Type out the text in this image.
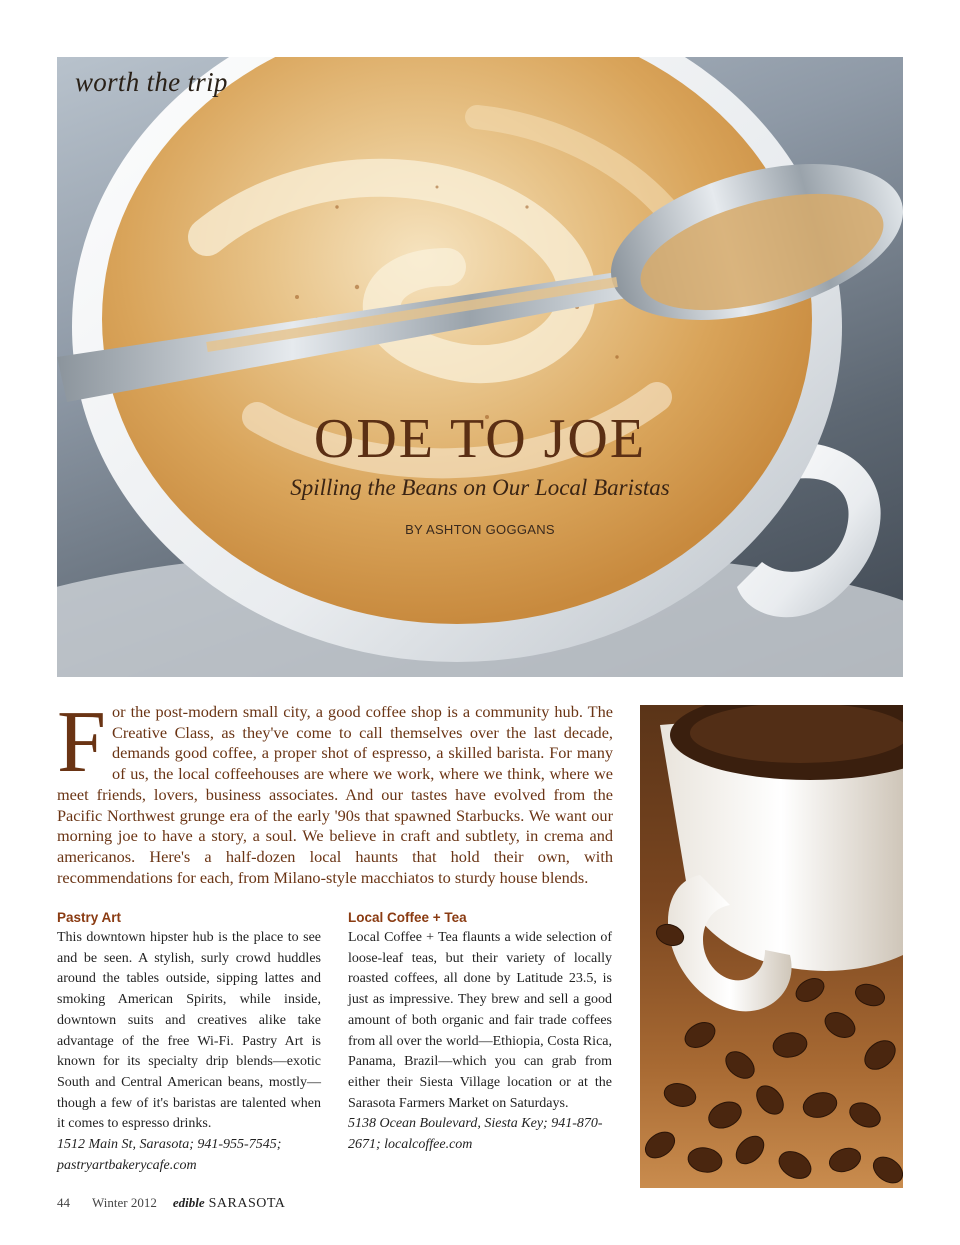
worth the trip
ODE TO JOE
Spilling the Beans on Our Local Baristas
BY ASHTON GOGGANS
F or the post-modern small city, a good coffee shop is a community hub. The Creative Class, as they've come to call themselves over the last decade, demands good coffee, a proper shot of espresso, a skilled barista. For many of us, the local coffeehouses are where we work, where we think, where we meet friends, lovers, business associates. And our tastes have evolved from the Pacific Northwest grunge era of the early '90s that spawned Starbucks. We want our morning joe to have a story, a soul. We believe in craft and subtlety, in crema and americanos. Here's a half-dozen local haunts that hold their own, with recommendations for each, from Milano-style macchiatos to sturdy house blends.
Pastry Art

This downtown hipster hub is the place to see and be seen. A stylish, surly crowd huddles around the tables outside, sipping lattes and smoking American Spirits, while inside, downtown suits and creatives alike take advantage of the free Wi-Fi. Pastry Art is known for its specialty drip blends—exotic South and Central American beans, mostly—though a few of it's baristas are talented when it comes to espresso drinks.

1512 Main St, Sarasota; 941-955-7545; pastryartbakerycafe.com

Local Coffee + Tea

Local Coffee + Tea flaunts a wide selection of loose-leaf teas, but their variety of locally roasted coffees, all done by Latitude 23.5, is just as impressive. They brew and sell a good amount of both organic and fair trade coffees from all over the world—Ethiopia, Costa Rica, Panama, Brazil—which you can grab from either their Siesta Village location or at the Sarasota Farmers Market on Saturdays.

5138 Ocean Boulevard, Siesta Key; 941-870-2671; localcoffee.com

44 Winter 2012 edible SARASOTA
